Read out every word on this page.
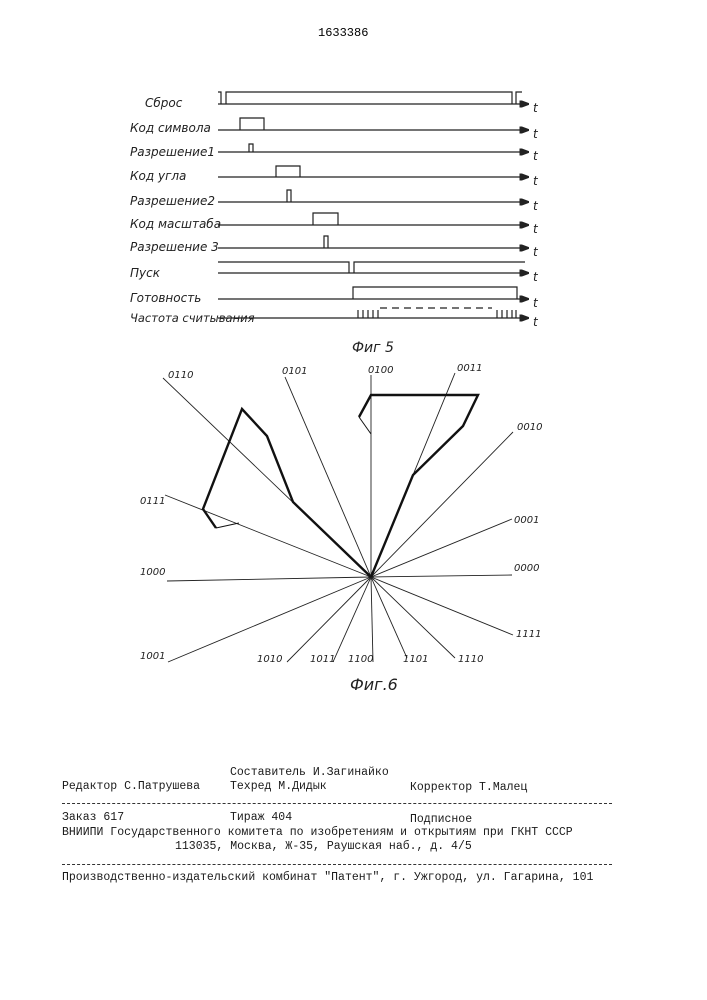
1633386
Сброс
Код символа
Разрешение1
Код угла
Разрешение2
Код масштаба
Разрешение 3
Пуск
Готовность
Частота считывания
t
t
t
t
t
t
t
t
t
t
Фиг 5
0000
0001
0010
0011
0100
0101
0110
0111
1000
1001	1010	1011 1100	1101	1110
1111
Фиг.6
Составитель И.Загинайко
Редактор С.Патрушева	Техред М.Дидык	Корректор Т.Малец
Заказ 617	Тираж 404	Подписное
ВНИИПИ Государственного комитета по изобретениям и открытиям при ГКНТ СССР
113035, Москва, Ж-35, Раушская наб., д. 4/5
Производственно-издательский комбинат "Патент", г. Ужгород, ул. Гагарина, 101
